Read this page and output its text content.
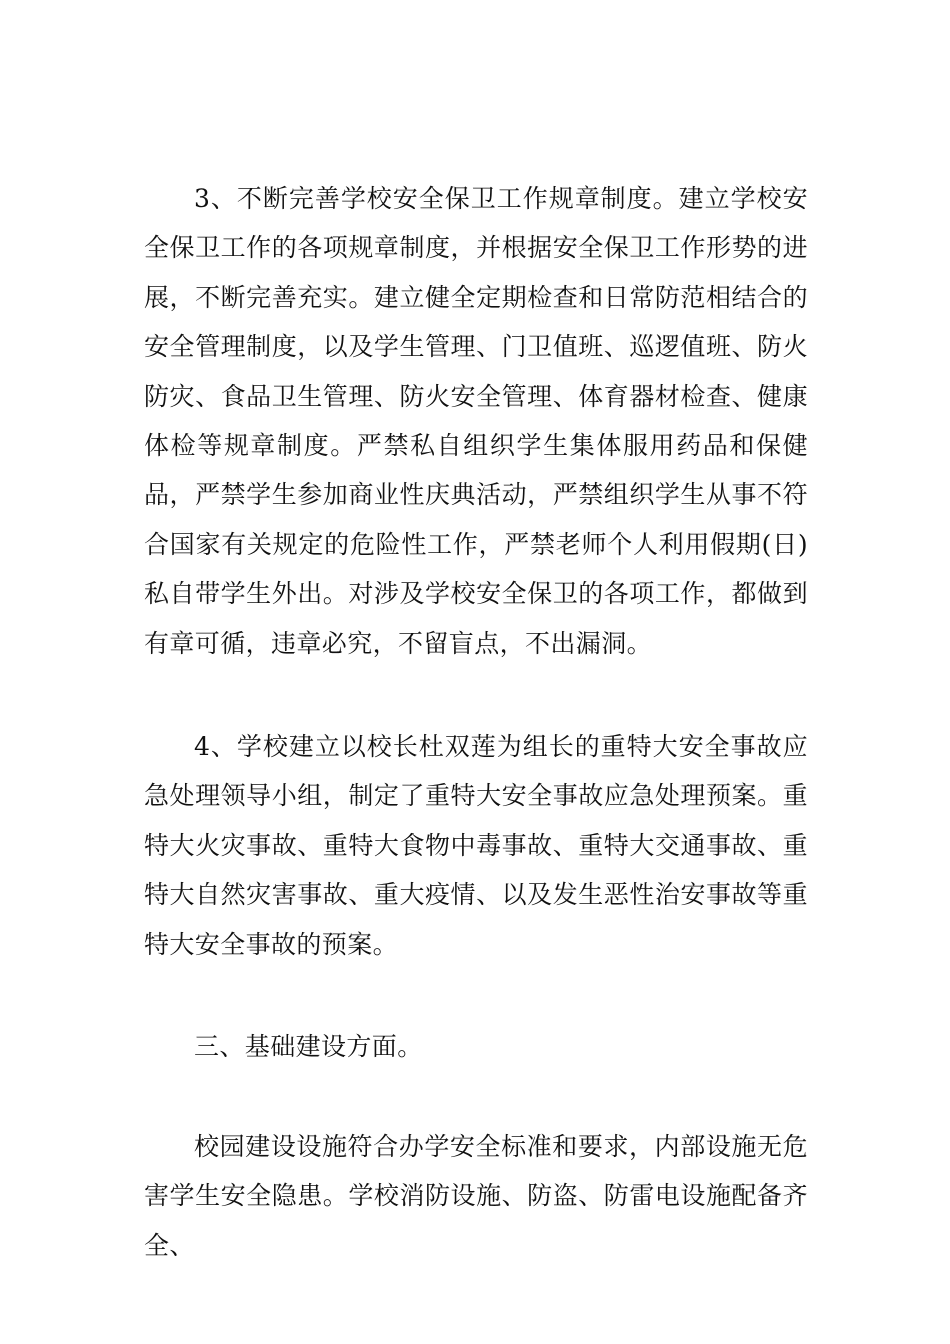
3、不断完善学校安全保卫工作规章制度。建立学校安全保卫工作的各项规章制度，并根据安全保卫工作形势的进展，不断完善充实。建立健全定期检查和日常防范相结合的安全管理制度，以及学生管理、门卫值班、巡逻值班、防火防灾、食品卫生管理、防火安全管理、体育器材检查、健康体检等规章制度。严禁私自组织学生集体服用药品和保健品，严禁学生参加商业性庆典活动，严禁组织学生从事不符合国家有关规定的危险性工作，严禁老师个人利用假期(日)私自带学生外出。对涉及学校安全保卫的各项工作，都做到有章可循，违章必究，不留盲点，不出漏洞。

4、学校建立以校长杜双莲为组长的重特大安全事故应急处理领导小组，制定了重特大安全事故应急处理预案。重特大火灾事故、重特大食物中毒事故、重特大交通事故、重特大自然灾害事故、重大疫情、以及发生恶性治安事故等重特大安全事故的预案。

三、基础建设方面。

校园建设设施符合办学安全标准和要求，内部设施无危害学生安全隐患。学校消防设施、防盗、防雷电设施配备齐全、
